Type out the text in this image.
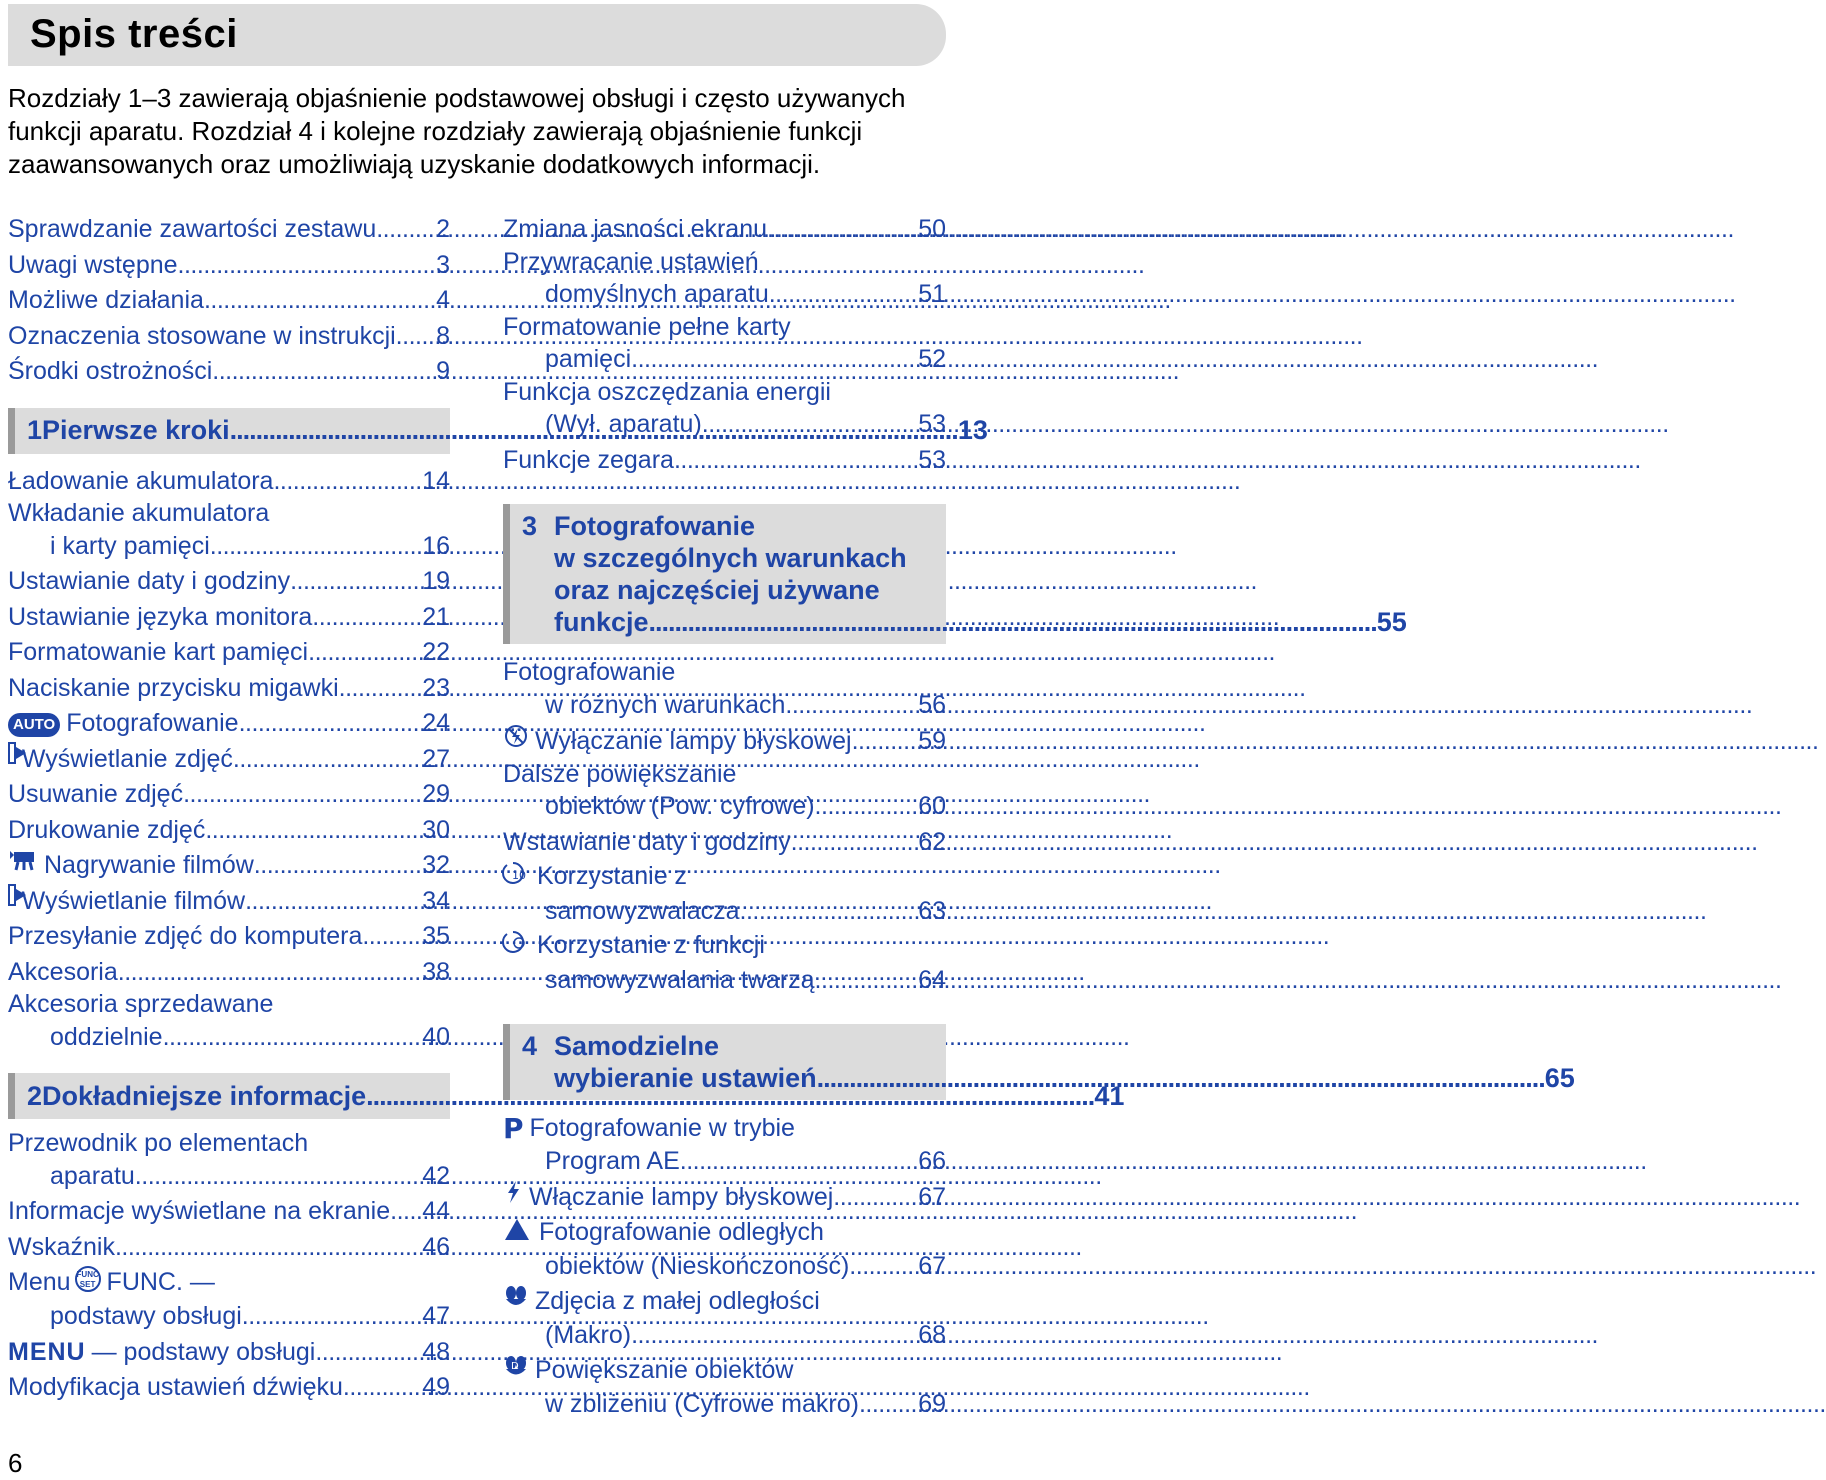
Spis treści
Rozdziały 1–3 zawierają objaśnienie podstawowej obsługi i często używanych funkcji aparatu. Rozdział 4 i kolejne rozdziały zawierają objaśnienie funkcji zaawansowanych oraz umożliwiają uzyskanie dodatkowych informacji.
Sprawdzanie zawartości zestawu ..... 2
Uwagi wstępne .....	3
Możliwe działania .....	4
Oznaczenia stosowane w instrukcji ..... 8
Środki ostrożności .....	9
1 Pierwsze kroki .....	13
Ładowanie akumulatora .....	14
Wkładanie akumulatora
i karty pamięci .....	16
Ustawianie daty i godziny .....	19
Ustawianie języka monitora .....	21
Formatowanie kart pamięci .....	22
Naciskanie przycisku migawki .....	23
AUTO Fotografowanie .....	24
Wyświetlanie zdjęć .....	27
Usuwanie zdjęć .....	29
Drukowanie zdjęć .....	30
Nagrywanie filmów .....	32
Wyświetlanie filmów .....	34
Przesyłanie zdjęć do komputera ..... 35
Akcesoria .....	38
Akcesoria sprzedawane
oddzielnie .....	40
2 Dokładniejsze informacje .....	41
Przewodnik po elementach
aparatu .....	42
Informacje wyświetlane na ekranie ..... 44
Wskaźnik .....	46
Menu FUNC. SET FUNC. —
podstawy obsługi .....	47
MENU — podstawy obsługi .....	48
Modyfikacja ustawień dźwięku .....	49
Zmiana jasności ekranu .....	50
Przywracanie ustawień
domyślnych aparatu .....	51
Formatowanie pełne karty
pamięci .....	52
Funkcja oszczędzania energii
(Wył. aparatu) .....	53
Funkcje zegara .....	53
3 Fotografowanie
w szczególnych warunkach
oraz najczęściej używane
funkcje .....	55
Fotografowanie
w różnych warunkach .....	56
Wyłączanie lampy błyskowej .....	59
Dalsze powiększanie
obiektów (Pow. cyfrowe) .....	60
Wstawianie daty i godziny .....	62
10 Korzystanie z
samowyzwalacza .....	63
Korzystanie z funkcji
samowyzwalania twarzą .....	64
4 Samodzielne
wybieranie ustawień .....	65
P Fotografowanie w trybie
Program AE .....	66
Włączanie lampy błyskowej .....	67
Fotografowanie odległych
obiektów (Nieskończoność) .....	67
Zdjęcia z małej odległości
(Makro) .....	68
D Powiększanie obiektów
w zbliżeniu (Cyfrowe makro) ..... 69
6
